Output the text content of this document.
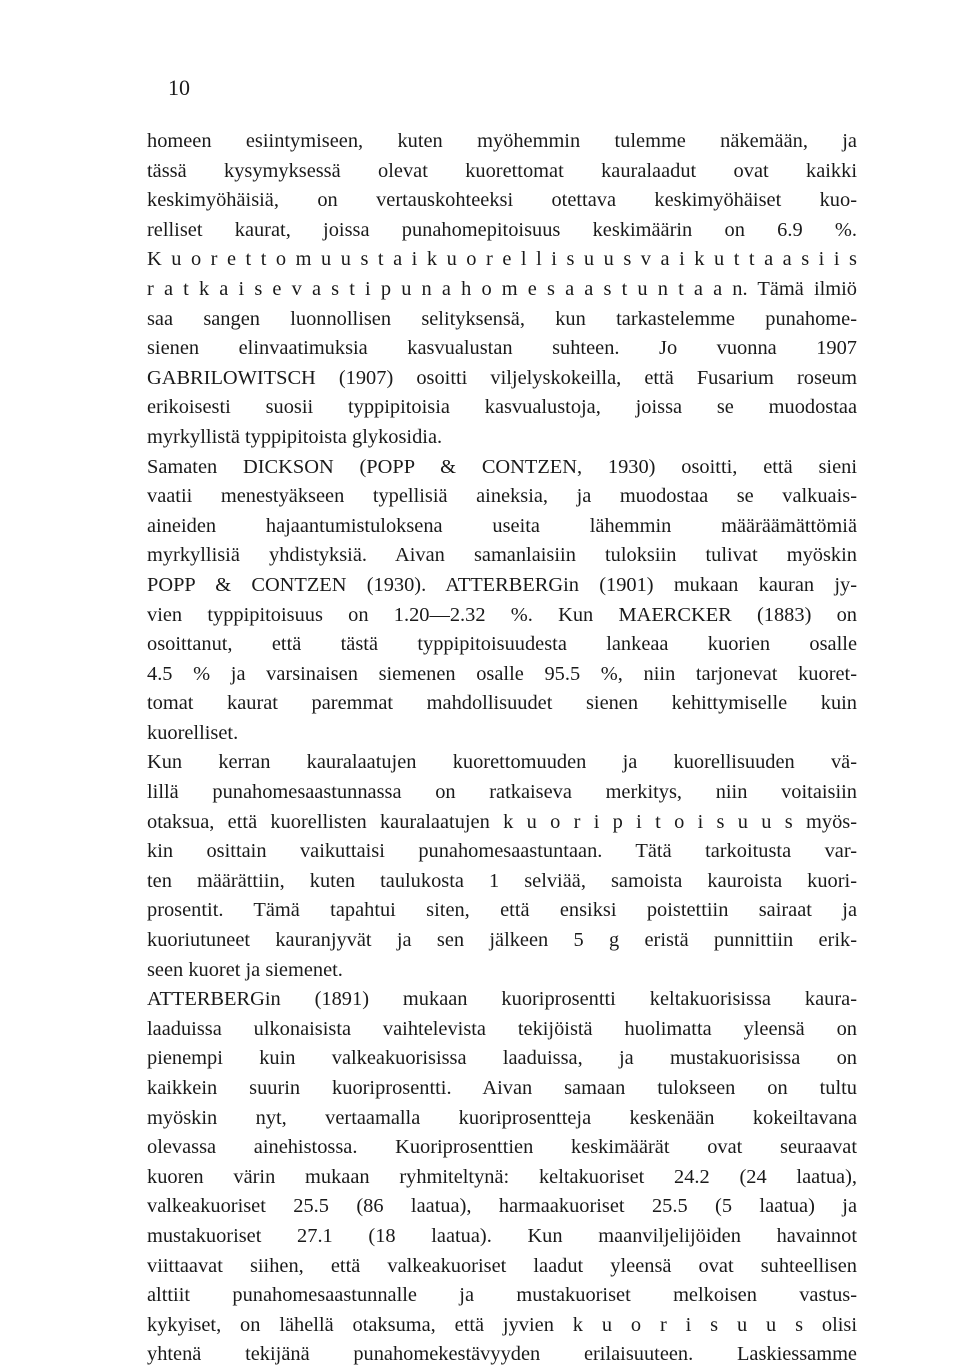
10
homeen esiintymiseen, kuten myöhemmin tulemme näkemään, ja
tässä kysymyksessä olevat kuorettomat kauralaadut ovat kaikki
keskimyöhäisiä, on vertauskohteeksi otettava keskimyöhäiset kuo-
relliset kaurat, joissa punahomepitoisuus keskimäärin on 6.9 %.
K u o r e t t o m u u s t a i k u o r e l l i s u u s v a i k u t t a a s i i s
r a t k a i s e v a s t i p u n a h o m e s a a s t u n t a a n. Tämä ilmiö
saa sangen luonnollisen selityksensä, kun tarkastelemme punahome-
sienen elinvaatimuksia kasvualustan suhteen. Jo vuonna 1907
GABRILOWITSCH (1907) osoitti viljelyskokeilla, että Fusarium roseum
erikoisesti suosii typpipitoisia kasvualustoja, joissa se muodostaa
myrkyllistä typpipitoista glykosidia.
Samaten DICKSON (POPP & CONTZEN, 1930) osoitti, että sieni
vaatii menestyäkseen typellisiä aineksia, ja muodostaa se valkuais-
aineiden hajaantumistuloksena useita lähemmin määräämättömiä
myrkyllisiä yhdistyksiä. Aivan samanlaisiin tuloksiin tulivat myöskin
POPP & CONTZEN (1930). ATTERBERGin (1901) mukaan kauran jy-
vien typpipitoisuus on 1.20—2.32 %. Kun MAERCKER (1883) on
osoittanut, että tästä typpipitoisuudesta lankeaa kuorien osalle
4.5 % ja varsinaisen siemenen osalle 95.5 %, niin tarjonevat kuoret-
tomat kaurat paremmat mahdollisuudet sienen kehittymiselle kuin
kuorelliset.
Kun kerran kauralaatujen kuorettomuuden ja kuorellisuuden vä-
lillä punahomesaastunnassa on ratkaiseva merkitys, niin voitaisiin
otaksua, että kuorellisten kauralaatujen k u o r i p i t o i s u u s myös-
kin osittain vaikuttaisi punahomesaastuntaan. Tätä tarkoitusta var-
ten määrättiin, kuten taulukosta 1 selviää, samoista kauroista kuori-
prosentit. Tämä tapahtui siten, että ensiksi poistettiin sairaat ja
kuoriutuneet kauranjyvät ja sen jälkeen 5 g eristä punnittiin erik-
seen kuoret ja siemenet.
ATTERBERGin (1891) mukaan kuoriprosentti keltakuorisissa kaura-
laaduissa ulkonaisista vaihtelevista tekijöistä huolimatta yleensä on
pienempi kuin valkeakuorisissa laaduissa, ja mustakuorisissa on
kaikkein suurin kuoriprosentti. Aivan samaan tulokseen on tultu
myöskin nyt, vertaamalla kuoriprosentteja keskenään kokeiltavana
olevassa ainehistossa. Kuoriprosenttien keskimäärät ovat seuraavat
kuoren värin mukaan ryhmiteltynä: keltakuoriset 24.2 (24 laatua),
valkeakuoriset 25.5 (86 laatua), harmaakuoriset 25.5 (5 laatua) ja
mustakuoriset 27.1 (18 laatua). Kun maanviljelijöiden havainnot
viittaavat siihen, että valkeakuoriset laadut yleensä ovat suhteellisen
alttiit punahomesaastunnalle ja mustakuoriset melkoisen vastus-
kykyiset, on lähellä otaksuma, että jyvien k u o r i s u u s olisi
yhtenä tekijänä punahomekestävyyden erilaisuuteen. Laskiessamme
